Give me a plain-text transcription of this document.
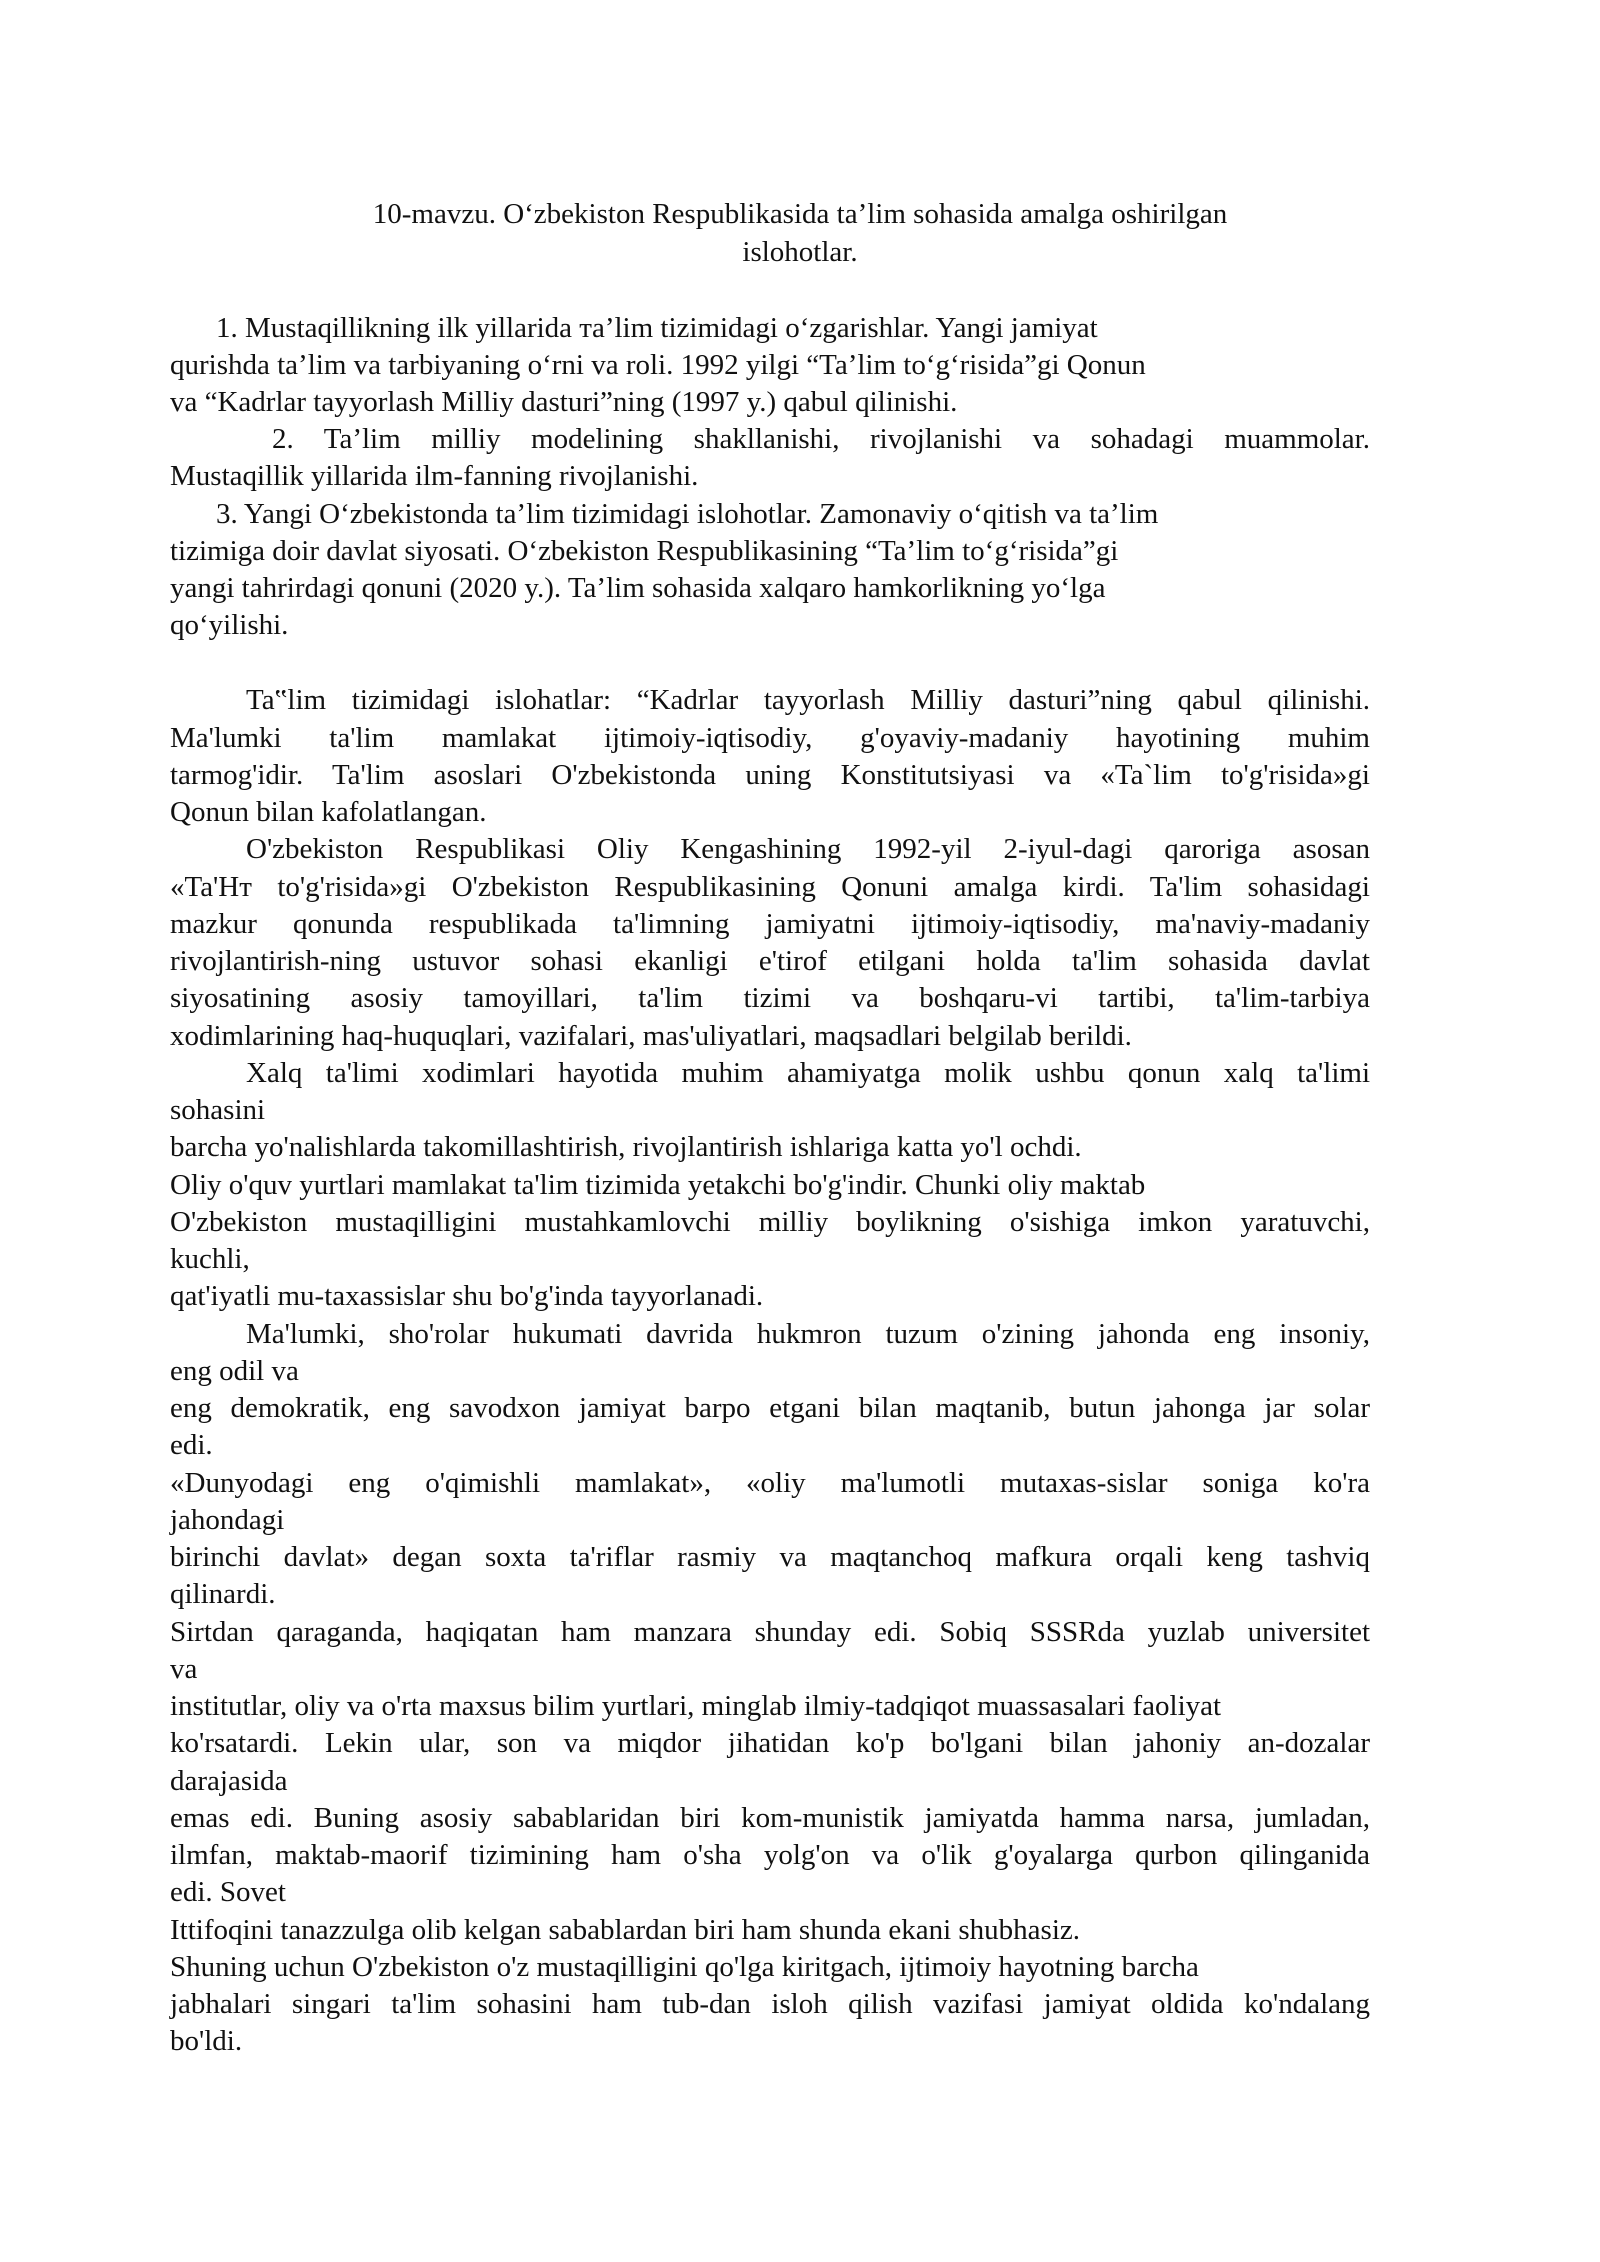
10-mavzu. Oʻzbekiston Respublikasida taʼlim sohasida amalga oshirilgan
islohotlar.
1. Mustaqillikning ilk yillarida тaʼlim tizimidagi oʻzgarishlar. Yangi jamiyat
qurishda taʼlim va tarbiyaning oʻrni va roli. 1992 yilgi “Taʼlim toʻgʻrisida”gi Qonun
va “Kadrlar tayyorlash Milliy dasturi”ning (1997 y.) qabul qilinishi.
2. Taʼlim milliy modelining shakllanishi, rivojlanishi va sohadagi muammolar.
Mustaqillik yillarida ilm-fanning rivojlanishi.
3. Yangi Oʻzbekistonda taʼlim tizimidagi islohotlar. Zamonaviy oʻqitish va taʼlim
tizimiga doir davlat siyosati. Oʻzbekiston Respublikasining “Taʼlim toʻgʻrisida”gi
yangi tahrirdagi qonuni (2020 y.). Taʼlim sohasida xalqaro hamkorlikning yoʻlga
qoʻyilishi.
Ta‟lim tizimidagi islohatlar: “Kadrlar tayyorlash Milliy dasturi”ning qabul qilinishi.
Ma'lumki ta'lim mamlakat ijtimoiy-iqtisodiy, g'oyaviy-madaniy hayotining muhim
tarmog'idir. Ta'lim asoslari O'zbekistonda uning Konstitutsiyasi va «Ta`lim to'g'risida»gi
Qonun bilan kafolatlangan.
O'zbekiston Respublikasi Oliy Kengashining 1992-yil 2-iyul-dagi qaroriga asosan
«Ta'Hт to'g'risida»gi O'zbekiston Respublikasining Qonuni amalga kirdi. Ta'lim sohasidagi
mazkur qonunda respublikada ta'limning jamiyatni ijtimoiy-iqtisodiy, ma'naviy-madaniy
rivojlantirish-ning ustuvor sohasi ekanligi e'tirof etilgani holda ta'lim sohasida davlat
siyosatining asosiy tamoyillari, ta'lim tizimi va boshqaru-vi tartibi, ta'lim-tarbiya
xodimlarining haq-huquqlari, vazifalari, mas'uliyatlari, maqsadlari belgilab berildi.
Xalq ta'limi xodimlari hayotida muhim ahamiyatga molik ushbu qonun xalq ta'limi
sohasini
barcha yo'nalishlarda takomillashtirish, rivojlantirish ishlariga katta yo'l ochdi.
Oliy o'quv yurtlari mamlakat ta'lim tizimida yetakchi bo'g'indir. Chunki oliy maktab
O'zbekiston mustaqilligini mustahkamlovchi milliy boylikning o'sishiga imkon yaratuvchi,
kuchli,
qat'iyatli mu-taxassislar shu bo'g'inda tayyorlanadi.
Ma'lumki, sho'rolar hukumati davrida hukmron tuzum o'zining jahonda eng insoniy,
eng odil va
eng demokratik, eng savodxon jamiyat barpo etgani bilan maqtanib, butun jahonga jar solar
edi.
«Dunyodagi eng o'qimishli mamlakat», «oliy ma'lumotli mutaxas-sislar soniga ko'ra
jahondagi
birinchi davlat» degan soxta ta'riflar rasmiy va maqtanchoq mafkura orqali keng tashviq
qilinardi.
Sirtdan qaraganda, haqiqatan ham manzara shunday edi. Sobiq SSSRda yuzlab universitet
va
institutlar, oliy va o'rta maxsus bilim yurtlari, minglab ilmiy-tadqiqot muassasalari faoliyat
ko'rsatardi. Lekin ular, son va miqdor jihatidan ko'p bo'lgani bilan jahoniy an-dozalar
darajasida
emas edi. Buning asosiy sabablaridan biri kom-munistik jamiyatda hamma narsa, jumladan,
ilmfan, maktab-maorif tizimining ham o'sha yolg'on va o'lik g'oyalarga qurbon qilinganida
edi. Sovet
Ittifoqini tanazzulga olib kelgan sabablardan biri ham shunda ekani shubhasiz.
Shuning uchun O'zbekiston o'z mustaqilligini qo'lga kiritgach, ijtimoiy hayotning barcha
jabhalari singari ta'lim sohasini ham tub-dan isloh qilish vazifasi jamiyat oldida ko'ndalang
bo'ldi.
